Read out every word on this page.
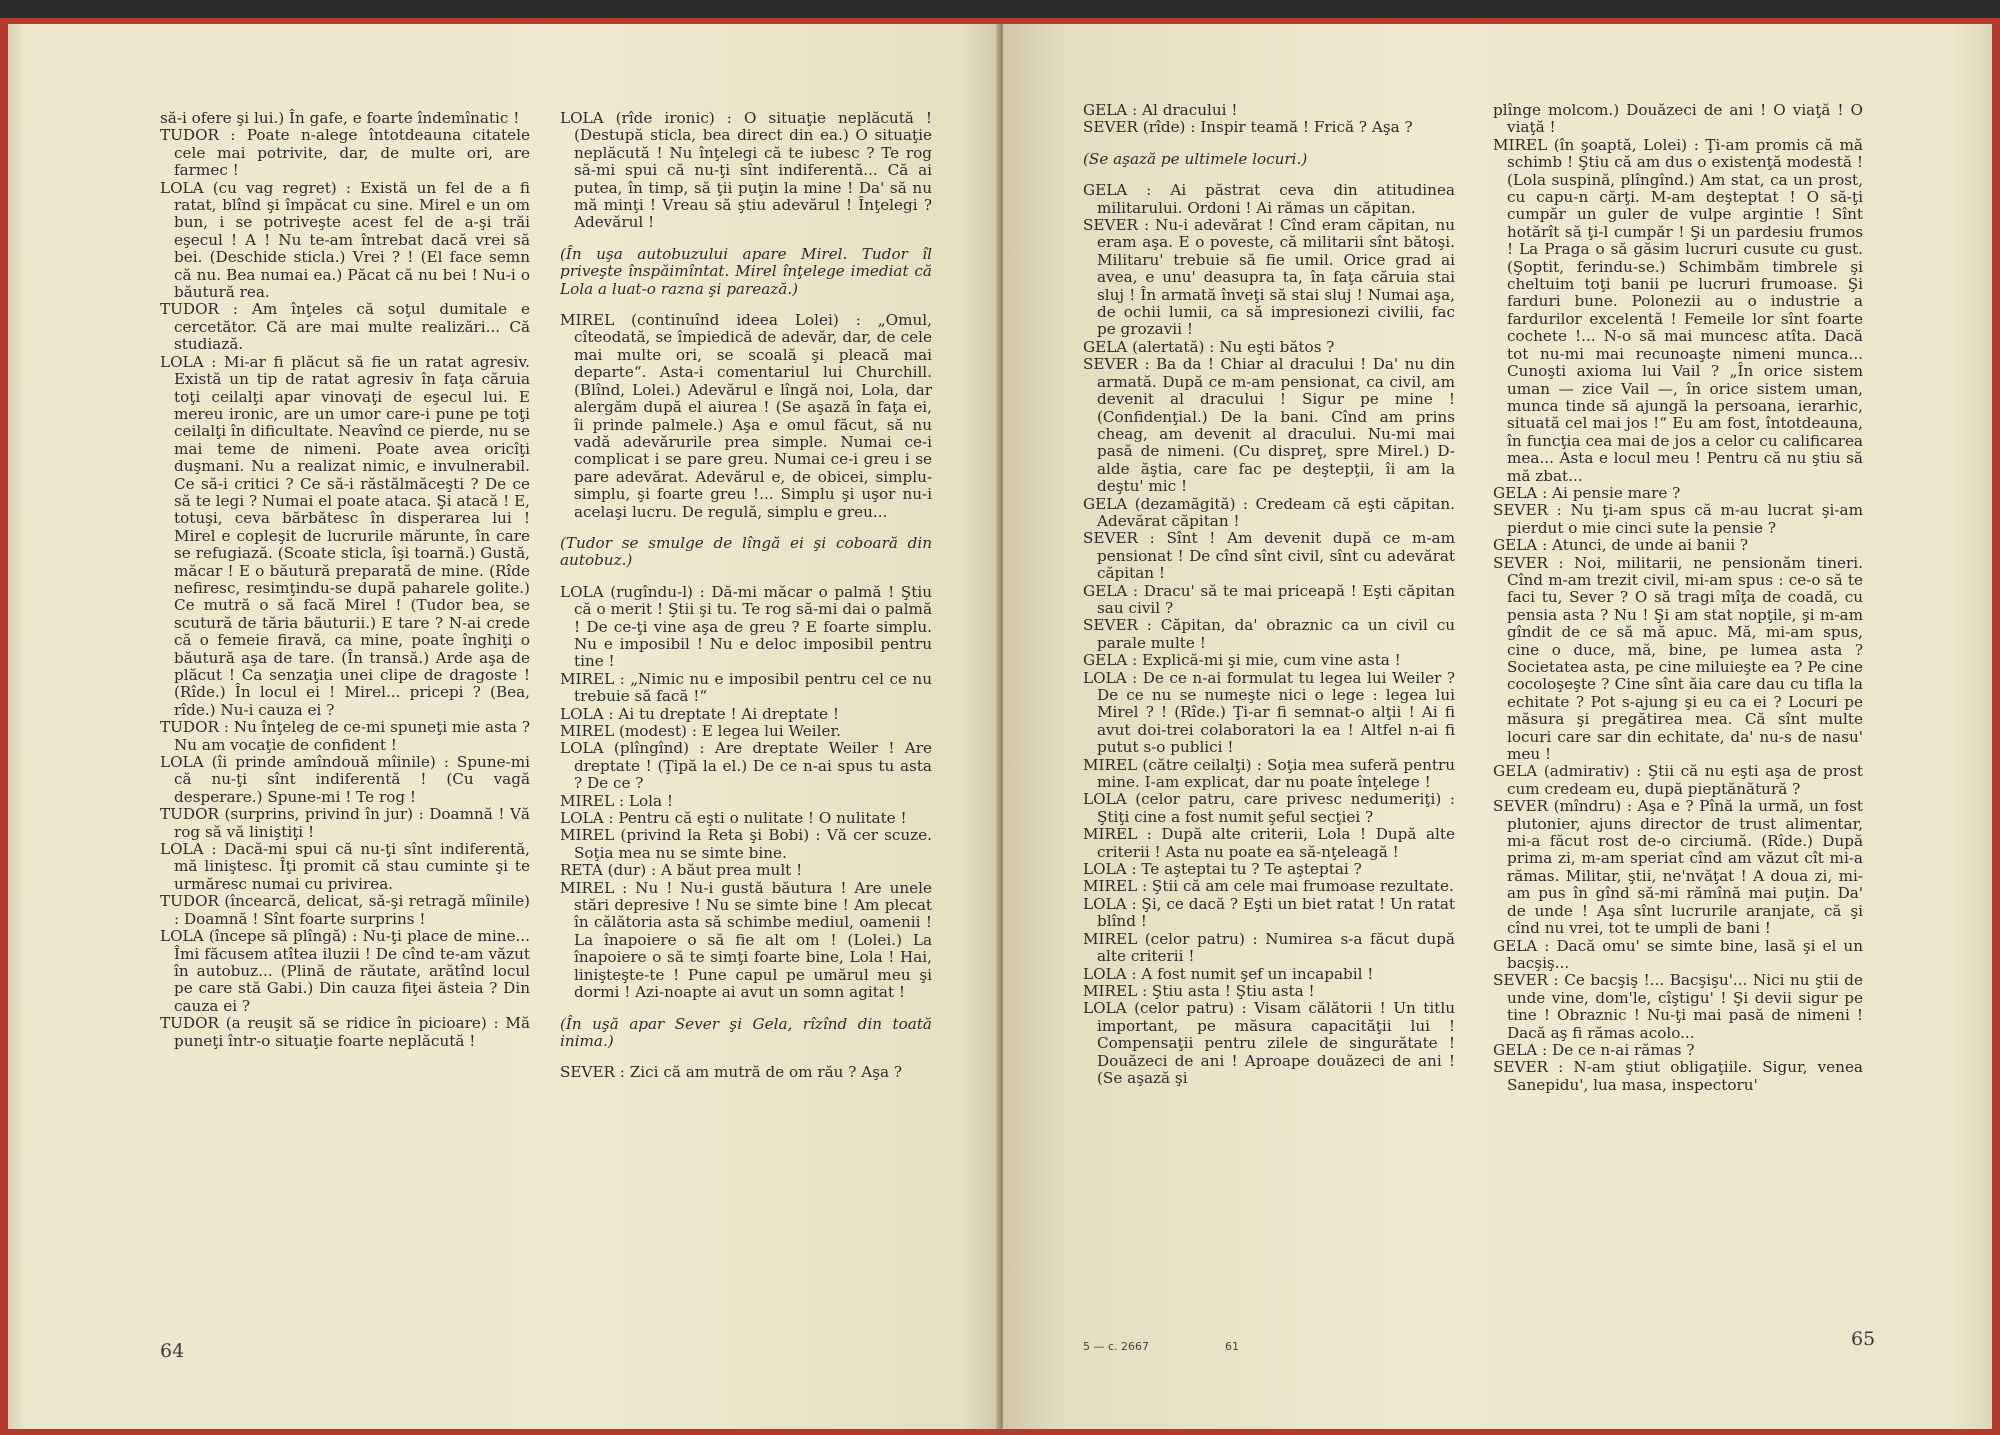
să-i ofere şi lui.) În gafe, e foarte îndemînatic !

TUDOR : Poate n-alege întotdeauna citatele cele mai potrivite, dar, de multe ori, are farmec !

LOLA (cu vag regret) : Există un fel de a fi ratat, blînd şi împăcat cu sine. Mirel e un om bun, i se potriveşte acest fel de a-şi trăi eşecul ! A ! Nu te-am întrebat dacă vrei să bei. (Deschide sticla.) Vrei ? ! (El face semn că nu. Bea numai ea.) Păcat că nu bei ! Nu-i o băutură rea.

TUDOR : Am înţeles că soţul dumitale e cercetător. Că are mai multe realizări... Că studiază.

LOLA : Mi-ar fi plăcut să fie un ratat agresiv. Există un tip de ratat agresiv în faţa căruia toţi ceilalţi apar vinovaţi de eşecul lui. E mereu ironic, are un umor care-i pune pe toţi ceilalţi în dificultate. Neavînd ce pierde, nu se mai teme de nimeni. Poate avea oricîţi duşmani. Nu a realizat nimic, e invulnerabil. Ce să-i critici ? Ce să-i răstălmăceşti ? De ce să te legi ? Numai el poate ataca. Şi atacă ! E, totuşi, ceva bărbătesc în disperarea lui ! Mirel e copleşit de lucrurile mărunte, în care se refugiază. (Scoate sticla, îşi toarnă.) Gustă, măcar ! E o băutură preparată de mine. (Rîde nefiresc, resimţindu-se după paharele golite.) Ce mutră o să facă Mirel ! (Tudor bea, se scutură de tăria băuturii.) E tare ? N-ai crede că o femeie firavă, ca mine, poate înghiţi o băutură aşa de tare. (În transă.) Arde aşa de plăcut ! Ca senzaţia unei clipe de dragoste ! (Rîde.) În locul ei ! Mirel... pricepi ? (Bea, rîde.) Nu-i cauza ei ?

TUDOR : Nu înţeleg de ce-mi spuneţi mie asta ? Nu am vocaţie de confident !

LOLA (îi prinde amîndouă mîinile) : Spune-mi că nu-ţi sînt indiferentă ! (Cu vagă desperare.) Spune-mi ! Te rog !

TUDOR (surprins, privind în jur) : Doamnă ! Vă rog să vă liniştiţi !

LOLA : Dacă-mi spui că nu-ţi sînt indiferentă, mă liniştesc. Îţi promit că stau cuminte şi te urmăresc numai cu privirea.

TUDOR (încearcă, delicat, să-şi retragă mîinile) : Doamnă ! Sînt foarte surprins !

LOLA (începe să plîngă) : Nu-ţi place de mine... Îmi făcusem atîtea iluzii ! De cînd te-am văzut în autobuz... (Plină de răutate, arătînd locul pe care stă Gabi.) Din cauza fiţei ăsteia ? Din cauza ei ?

TUDOR (a reuşit să se ridice în picioare) : Mă puneţi într-o situaţie foarte neplăcută !

LOLA (rîde ironic) : O situaţie neplăcută ! (Destupă sticla, bea direct din ea.) O situaţie neplăcută ! Nu înţelegi că te iubesc ? Te rog să-mi spui că nu-ţi sînt indiferentă... Că ai putea, în timp, să ţii puţin la mine ! Da' să nu mă minţi ! Vreau să ştiu adevărul ! Înţelegi ? Adevărul !

(În uşa autobuzului apare Mirel. Tudor îl priveşte înspăimîntat. Mirel înţelege imediat că Lola a luat-o razna şi parează.)

MIREL (continuînd ideea Lolei) : „Omul, cîteodată, se împiedică de adevăr, dar, de cele mai multe ori, se scoală şi pleacă mai departe“. Asta-i comentariul lui Churchill. (Blînd, Lolei.) Adevărul e lîngă noi, Lola, dar alergăm după el aiurea ! (Se aşază în faţa ei, îi prinde palmele.) Aşa e omul făcut, să nu vadă adevărurile prea simple. Numai ce-i complicat i se pare greu. Numai ce-i greu i se pare adevărat. Adevărul e, de obicei, simplu-simplu, şi foarte greu !... Simplu şi uşor nu-i acelaşi lucru. De regulă, simplu e greu...

(Tudor se smulge de lîngă ei şi coboară din autobuz.)

LOLA (rugîndu-l) : Dă-mi măcar o palmă ! Ştiu că o merit ! Ştii şi tu. Te rog să-mi dai o palmă ! De ce-ţi vine aşa de greu ? E foarte simplu. Nu e imposibil ! Nu e deloc imposibil pentru tine !

MIREL : „Nimic nu e imposibil pentru cel ce nu trebuie să facă !“

LOLA : Ai tu dreptate ! Ai dreptate !

MIREL (modest) : E legea lui Weiler.

LOLA (plîngînd) : Are dreptate Weiler ! Are dreptate ! (Ţipă la el.) De ce n-ai spus tu asta ? De ce ?

MIREL : Lola !

LOLA : Pentru că eşti o nulitate ! O nulitate !

MIREL (privind la Reta şi Bobi) : Vă cer scuze. Soţia mea nu se simte bine.

RETA (dur) : A băut prea mult !

MIREL : Nu ! Nu-i gustă băutura ! Are unele stări depresive ! Nu se simte bine ! Am plecat în călătoria asta să schimbe mediul, oamenii ! La înapoiere o să fie alt om ! (Lolei.) La înapoiere o să te simţi foarte bine, Lola ! Hai, linişteşte-te ! Pune capul pe umărul meu şi dormi ! Azi-noapte ai avut un somn agitat !

(În uşă apar Sever şi Gela, rîzînd din toată inima.)

SEVER : Zici că am mutră de om rău ? Aşa ?

64

GELA : Al dracului !

SEVER (rîde) : Inspir teamă ! Frică ? Aşa ?

(Se aşază pe ultimele locuri.)

GELA : Ai păstrat ceva din atitudinea militarului. Ordoni ! Ai rămas un căpitan.

SEVER : Nu-i adevărat ! Cînd eram căpitan, nu eram aşa. E o poveste, că militarii sînt bătoşi. Militaru' trebuie să fie umil. Orice grad ai avea, e unu' deasupra ta, în faţa căruia stai sluj ! În armată înveţi să stai sluj ! Numai aşa, de ochii lumii, ca să impresionezi civilii, fac pe grozavii !

GELA (alertată) : Nu eşti bătos ?

SEVER : Ba da ! Chiar al dracului ! Da' nu din armată. După ce m-am pensionat, ca civil, am devenit al dracului ! Sigur pe mine ! (Confidenţial.) De la bani. Cînd am prins cheag, am devenit al dracului. Nu-mi mai pasă de nimeni. (Cu dispreţ, spre Mirel.) D-alde ăştia, care fac pe deştepţii, îi am la deştu' mic !

GELA (dezamăgită) : Credeam că eşti căpitan. Adevărat căpitan !

SEVER : Sînt ! Am devenit după ce m-am pensionat ! De cînd sînt civil, sînt cu adevărat căpitan !

GELA : Dracu' să te mai priceapă ! Eşti căpitan sau civil ?

SEVER : Căpitan, da' obraznic ca un civil cu parale multe !

GELA : Explică-mi şi mie, cum vine asta !

LOLA : De ce n-ai formulat tu legea lui Weiler ? De ce nu se numeşte nici o lege : legea lui Mirel ? ! (Rîde.) Ţi-ar fi semnat-o alţii ! Ai fi avut doi-trei colaboratori la ea ! Altfel n-ai fi putut s-o publici !

MIREL (către ceilalţi) : Soţia mea suferă pentru mine. I-am explicat, dar nu poate înţelege !

LOLA (celor patru, care privesc nedumeriţi) : Ştiţi cine a fost numit şeful secţiei ?

MIREL : După alte criterii, Lola ! După alte criterii ! Asta nu poate ea să-nţeleagă !

LOLA : Te aşteptai tu ? Te aşteptai ?

MIREL : Ştii că am cele mai frumoase rezultate.

LOLA : Şi, ce dacă ? Eşti un biet ratat ! Un ratat blînd !

MIREL (celor patru) : Numirea s-a făcut după alte criterii !

LOLA : A fost numit şef un incapabil !

MIREL : Ştiu asta ! Ştiu asta !

LOLA (celor patru) : Visam călătorii ! Un titlu important, pe măsura capacităţii lui ! Compensaţii pentru zilele de singurătate ! Douăzeci de ani ! Aproape douăzeci de ani ! (Se aşază şi

plînge molcom.) Douăzeci de ani ! O viaţă ! O viaţă !

MIREL (în şoaptă, Lolei) : Ţi-am promis că mă schimb ! Ştiu că am dus o existenţă modestă ! (Lola suspină, plîngînd.) Am stat, ca un prost, cu capu-n cărţi. M-am deşteptat ! O să-ţi cumpăr un guler de vulpe argintie ! Sînt hotărît să ţi-l cumpăr ! Şi un pardesiu frumos ! La Praga o să găsim lucruri cusute cu gust. (Şoptit, ferindu-se.) Schimbăm timbrele şi cheltuim toţi banii pe lucruri frumoase. Şi farduri bune. Polonezii au o industrie a fardurilor excelentă ! Femeile lor sînt foarte cochete !... N-o să mai muncesc atîta. Dacă tot nu-mi mai recunoaşte nimeni munca... Cunoşti axioma lui Vail ? „În orice sistem uman — zice Vail —, în orice sistem uman, munca tinde să ajungă la persoana, ierarhic, situată cel mai jos !“ Eu am fost, întotdeauna, în funcţia cea mai de jos a celor cu calificarea mea... Asta e locul meu ! Pentru că nu ştiu să mă zbat...

GELA : Ai pensie mare ?

SEVER : Nu ţi-am spus că m-au lucrat şi-am pierdut o mie cinci sute la pensie ?

GELA : Atunci, de unde ai banii ?

SEVER : Noi, militarii, ne pensionăm tineri. Cînd m-am trezit civil, mi-am spus : ce-o să te faci tu, Sever ? O să tragi mîţa de coadă, cu pensia asta ? Nu ! Şi am stat nopţile, şi m-am gîndit de ce să mă apuc. Mă, mi-am spus, cine o duce, mă, bine, pe lumea asta ? Societatea asta, pe cine miluieşte ea ? Pe cine cocoloşeşte ? Cine sînt ăia care dau cu tifla la echitate ? Pot s-ajung şi eu ca ei ? Locuri pe măsura şi pregătirea mea. Că sînt multe locuri care sar din echitate, da' nu-s de nasu' meu !

GELA (admirativ) : Ştii că nu eşti aşa de prost cum credeam eu, după pieptănătură ?

SEVER (mîndru) : Aşa e ? Pînă la urmă, un fost plutonier, ajuns director de trust alimentar, mi-a făcut rost de-o circiumă. (Rîde.) După prima zi, m-am speriat cînd am văzut cît mi-a rămas. Militar, ştii, ne'nvăţat ! A doua zi, mi-am pus în gînd să-mi rămînă mai puţin. Da' de unde ! Aşa sînt lucrurile aranjate, că şi cînd nu vrei, tot te umpli de bani !

GELA : Dacă omu' se simte bine, lasă şi el un bacşiş...

SEVER : Ce bacşiş !... Bacşişu'... Nici nu ştii de unde vine, dom'le, cîştigu' ! Şi devii sigur pe tine ! Obraznic ! Nu-ţi mai pasă de nimeni ! Dacă aş fi rămas acolo...

GELA : De ce n-ai rămas ?

SEVER : N-am ştiut obligaţiile. Sigur, venea Sanepidu', lua masa, inspectoru'

5 — c. 2667	61	65
